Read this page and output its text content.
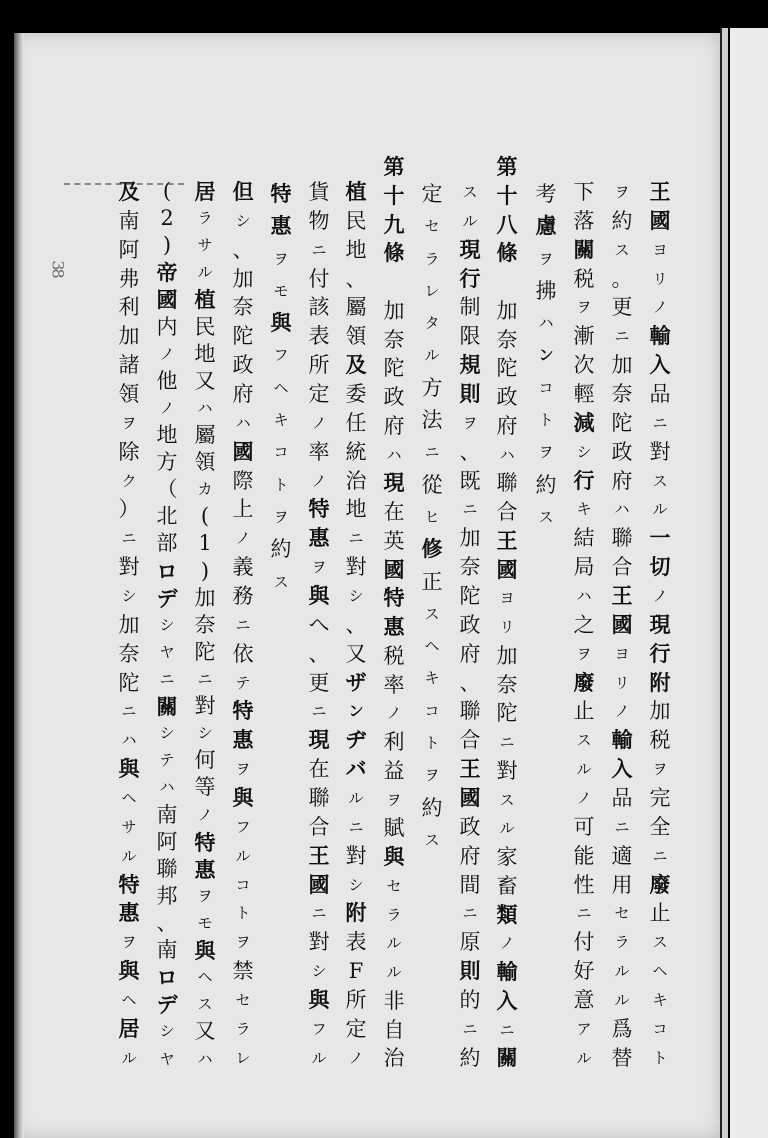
38
王
國
ヨ
リ
ノ
輸
入
品
ニ
對
ス
ル
一
切
ノ
現
行
附
加
税
ヲ
完
全
ニ
廢
止
ス
ヘ
キ
コ
ト
ヲ
約
ス
。
更
ニ
加
奈
陀
政
府
ハ
聯
合
王
國
ヨ
リ
ノ
輸
入
品
ニ
適
用
セ
ラ
ル
ル
爲
替
下
落
關
税
ヲ
漸
次
輕
減
シ
行
キ
結
局
ハ
之
ヲ
廢
止
ス
ル
ノ
可
能
性
ニ
付
好
意
ア
ル
考
慮
ヲ
拂
ハ
ン
コ
ト
ヲ
約
ス
第
十
八
條

加
奈
陀
政
府
ハ
聯
合
王
國
ヨ
リ
加
奈
陀
ニ
對
ス
ル
家
畜
類
ノ
輸
入
ニ
關
ス
ル
現
行
制
限
規
則
ヲ
、
既
ニ
加
奈
陀
政
府
、
聯
合
王
國
政
府
間
ニ
原
則
的
ニ
約
定
セ
ラ
レ
タ
ル
方
法
ニ
從
ヒ
修
正
ス
ヘ
キ
コ
ト
ヲ
約
ス
第
十
九
條

加
奈
陀
政
府
ハ
現
在
英
國
特
惠
税
率
ノ
利
益
ヲ
賦
與
セ
ラ
ル
ル
非
自
治
植
民
地
、
屬
領
及
委
任
統
治
地
ニ
對
シ
、
又
ザ
ン
ヂ
バ
ル
ニ
對
シ
附
表
F
所
定
ノ
貨
物
ニ
付
該
表
所
定
ノ
率
ノ
特
惠
ヲ
與
へ
、
更
ニ
現
在
聯
合
王
國
ニ
對
シ
與
フ
ル
特
惠
ヲ
モ
與
フ
ヘ
キ
コ
ト
ヲ
約
ス
但
シ
、
加
奈
陀
政
府
ハ
國
際
上
ノ
義
務
ニ
依
テ
特
惠
ヲ
與
フ
ル
コ
ト
ヲ
禁
セ
ラ
レ
居
ラ
サ
ル
植
民
地
又
ハ
屬
領
カ
(
1
)
加
奈
陀
ニ
對
シ
何
等
ノ
特
惠
ヲ
モ
與
ヘ
ス
又
ハ
(
2
)
帝
國
内
ノ
他
ノ
地
方
（
北
部
ロ
デ
シ
ヤ
ニ
關
シ
テ
ハ
南
阿
聯
邦
、
南
ロ
デ
シ
ヤ
及
南
阿
弗
利
加
諸
領
ヲ
除
ク
）
ニ
對
シ
加
奈
陀
ニ
ハ
與
ヘ
サ
ル
特
惠
ヲ
與
ヘ
居
ル
